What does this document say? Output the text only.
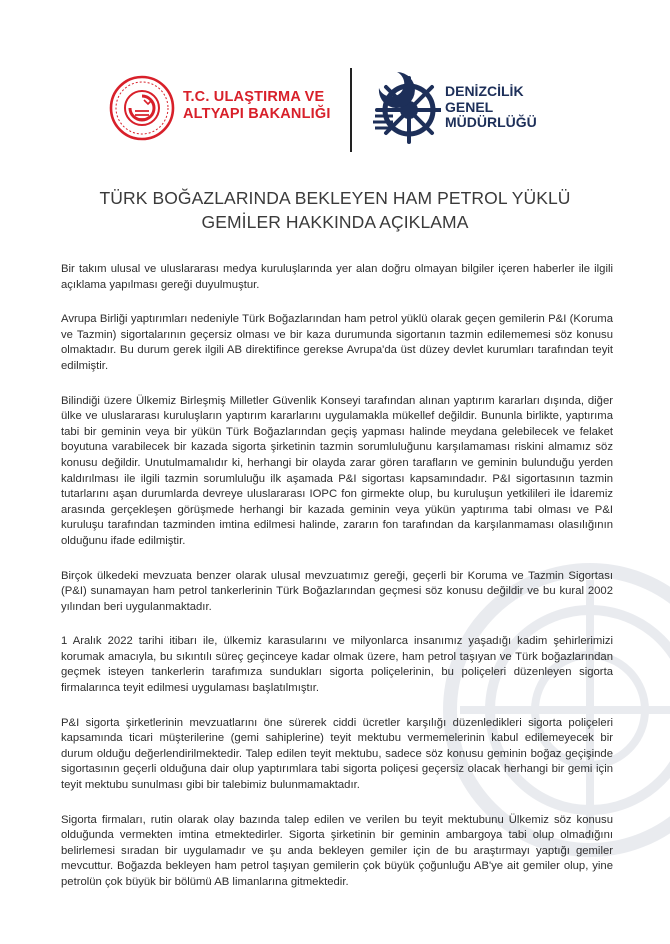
T.C. ULAŞTIRMA VE
ALTYAPI BAKANLIĞI
DENİZCİLİK
GENEL
MÜDÜRLÜĞÜ
TÜRK BOĞAZLARINDA BEKLEYEN HAM PETROL YÜKLÜ
GEMİLER HAKKINDA AÇIKLAMA

Bir takım ulusal ve uluslararası medya kuruluşlarında yer alan doğru olmayan bilgiler içeren haberler ile ilgili açıklama yapılması gereği duyulmuştur.

Avrupa Birliği yaptırımları nedeniyle Türk Boğazlarından ham petrol yüklü olarak geçen gemilerin P&I (Koruma ve Tazmin) sigortalarının geçersiz olması ve bir kaza durumunda sigortanın tazmin edilememesi söz konusu olmaktadır. Bu durum gerek ilgili AB direktifince gerekse Avrupa'da üst düzey devlet kurumları tarafından teyit edilmiştir.

Bilindiği üzere Ülkemiz Birleşmiş Milletler Güvenlik Konseyi tarafından alınan yaptırım kararları dışında, diğer ülke ve uluslararası kuruluşların yaptırım kararlarını uygulamakla mükellef değildir. Bununla birlikte, yaptırıma tabi bir geminin veya bir yükün Türk Boğazlarından geçiş yapması halinde meydana gelebilecek ve felaket boyutuna varabilecek bir kazada sigorta şirketinin tazmin sorumluluğunu karşılamaması riskini almamız söz konusu değildir. Unutulmamalıdır ki, herhangi bir olayda zarar gören tarafların ve geminin bulunduğu yerden kaldırılması ile ilgili tazmin sorumluluğu ilk aşamada P&I sigortası kapsamındadır. P&I sigortasının tazmin tutarlarını aşan durumlarda devreye uluslararası IOPC fon girmekte olup, bu kuruluşun yetkilileri ile İdaremiz arasında gerçekleşen görüşmede herhangi bir kazada geminin veya yükün yaptırıma tabi olması ve P&I kuruluşu tarafından tazminden imtina edilmesi halinde, zararın fon tarafından da karşılanmaması olasılığının olduğunu ifade edilmiştir.

Birçok ülkedeki mevzuata benzer olarak ulusal mevzuatımız gereği, geçerli bir Koruma ve Tazmin Sigortası (P&I) sunamayan ham petrol tankerlerinin Türk Boğazlarından geçmesi söz konusu değildir ve bu kural 2002 yılından beri uygulanmaktadır.

1 Aralık 2022 tarihi itibarı ile, ülkemiz karasularını ve milyonlarca insanımız yaşadığı kadim şehirlerimizi korumak amacıyla, bu sıkıntılı süreç geçinceye kadar olmak üzere, ham petrol taşıyan ve Türk boğazlarından geçmek isteyen tankerlerin tarafımıza sundukları sigorta poliçelerinin, bu poliçeleri düzenleyen sigorta firmalarınca teyit edilmesi uygulaması başlatılmıştır.

P&I sigorta şirketlerinin mevzuatlarını öne sürerek ciddi ücretler karşılığı düzenledikleri sigorta poliçeleri kapsamında ticari müşterilerine (gemi sahiplerine) teyit mektubu vermemelerinin kabul edilemeyecek bir durum olduğu değerlendirilmektedir. Talep edilen teyit mektubu, sadece söz konusu geminin boğaz geçişinde sigortasının geçerli olduğuna dair olup yaptırımlara tabi sigorta poliçesi geçersiz olacak herhangi bir gemi için teyit mektubu sunulması gibi bir talebimiz bulunmamaktadır.

Sigorta firmaları, rutin olarak olay bazında talep edilen ve verilen bu teyit mektubunu Ülkemiz söz konusu olduğunda vermekten imtina etmektedirler. Sigorta şirketinin bir geminin ambargoya tabi olup olmadığını belirlemesi sıradan bir uygulamadır ve şu anda bekleyen gemiler için de bu araştırmayı yaptığı gemiler mevcuttur. Boğazda bekleyen ham petrol taşıyan gemilerin çok büyük çoğunluğu AB'ye ait gemiler olup, yine petrolün çok büyük bir bölümü AB limanlarına gitmektedir.
